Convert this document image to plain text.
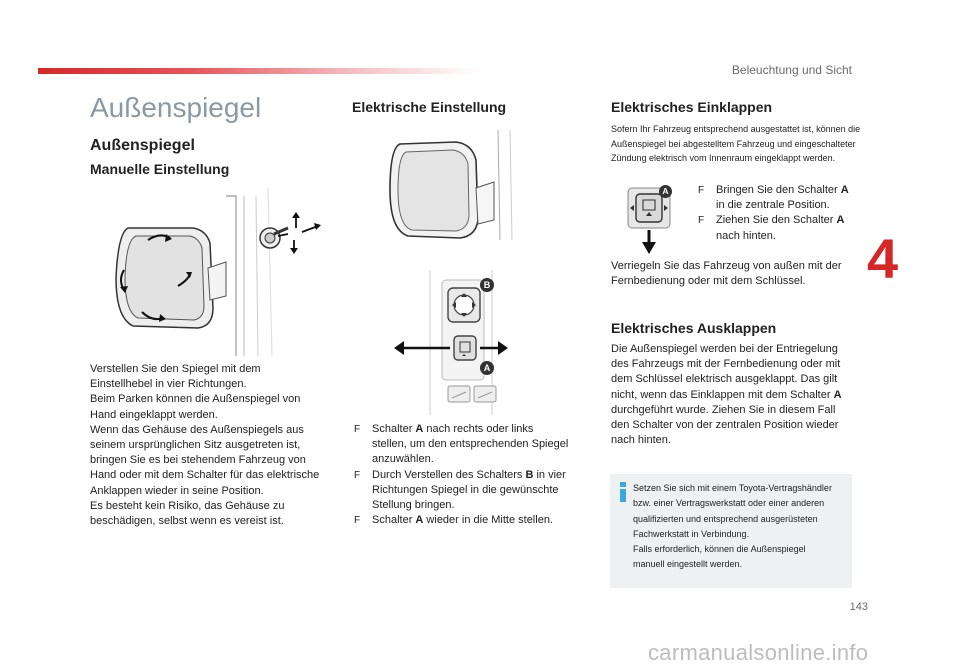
Beleuchtung und Sicht
4
Außenspiegel
Außenspiegel
Manuelle Einstellung
Verstellen Sie den Spiegel mit dem
Einstellhebel in vier Richtungen.
Beim Parken können die Außenspiegel von
Hand eingeklappt werden.
Wenn das Gehäuse des Außenspiegels aus
seinem ursprünglichen Sitz ausgetreten ist,
bringen Sie es bei stehendem Fahrzeug von
Hand oder mit dem Schalter für das elektrische
Anklappen wieder in seine Position.
Es besteht kein Risiko, das Gehäuse zu
beschädigen, selbst wenn es vereist ist.
Elektrische Einstellung
B
A
F Schalter A nach rechts oder links
stellen, um den entsprechenden Spiegel
anzuwählen.
F Durch Verstellen des Schalters B in vier
Richtungen Spiegel in die gewünschte
Stellung bringen.
F Schalter A wieder in die Mitte stellen.
Elektrisches Einklappen
Sofern Ihr Fahrzeug entsprechend ausgestattet ist, können die
Außenspiegel bei abgestelltem Fahrzeug und eingeschalteter
Zündung elektrisch vom Innenraum eingeklappt werden.
A
F	Bringen Sie den Schalter A
in die zentrale Position.
F Ziehen Sie den Schalter A
nach hinten.
Verriegeln Sie das Fahrzeug von außen mit der
Fernbedienung oder mit dem Schlüssel.
Elektrisches Ausklappen
Die Außenspiegel werden bei der Entriegelung
des Fahrzeugs mit der Fernbedienung oder mit
dem Schlüssel elektrisch ausgeklappt. Das gilt
nicht, wenn das Einklappen mit dem Schalter A
durchgeführt wurde. Ziehen Sie in diesem Fall
den Schalter von der zentralen Position wieder
nach hinten.
Setzen Sie sich mit einem Toyota-Vertragshändler
bzw. einer Vertragswerkstatt oder einer anderen
qualifizierten und entsprechend ausgerüsteten
Fachwerkstatt in Verbindung.
Falls erforderlich, können die Außenspiegel
manuell eingestellt werden.
143
carmanualsonline.info
